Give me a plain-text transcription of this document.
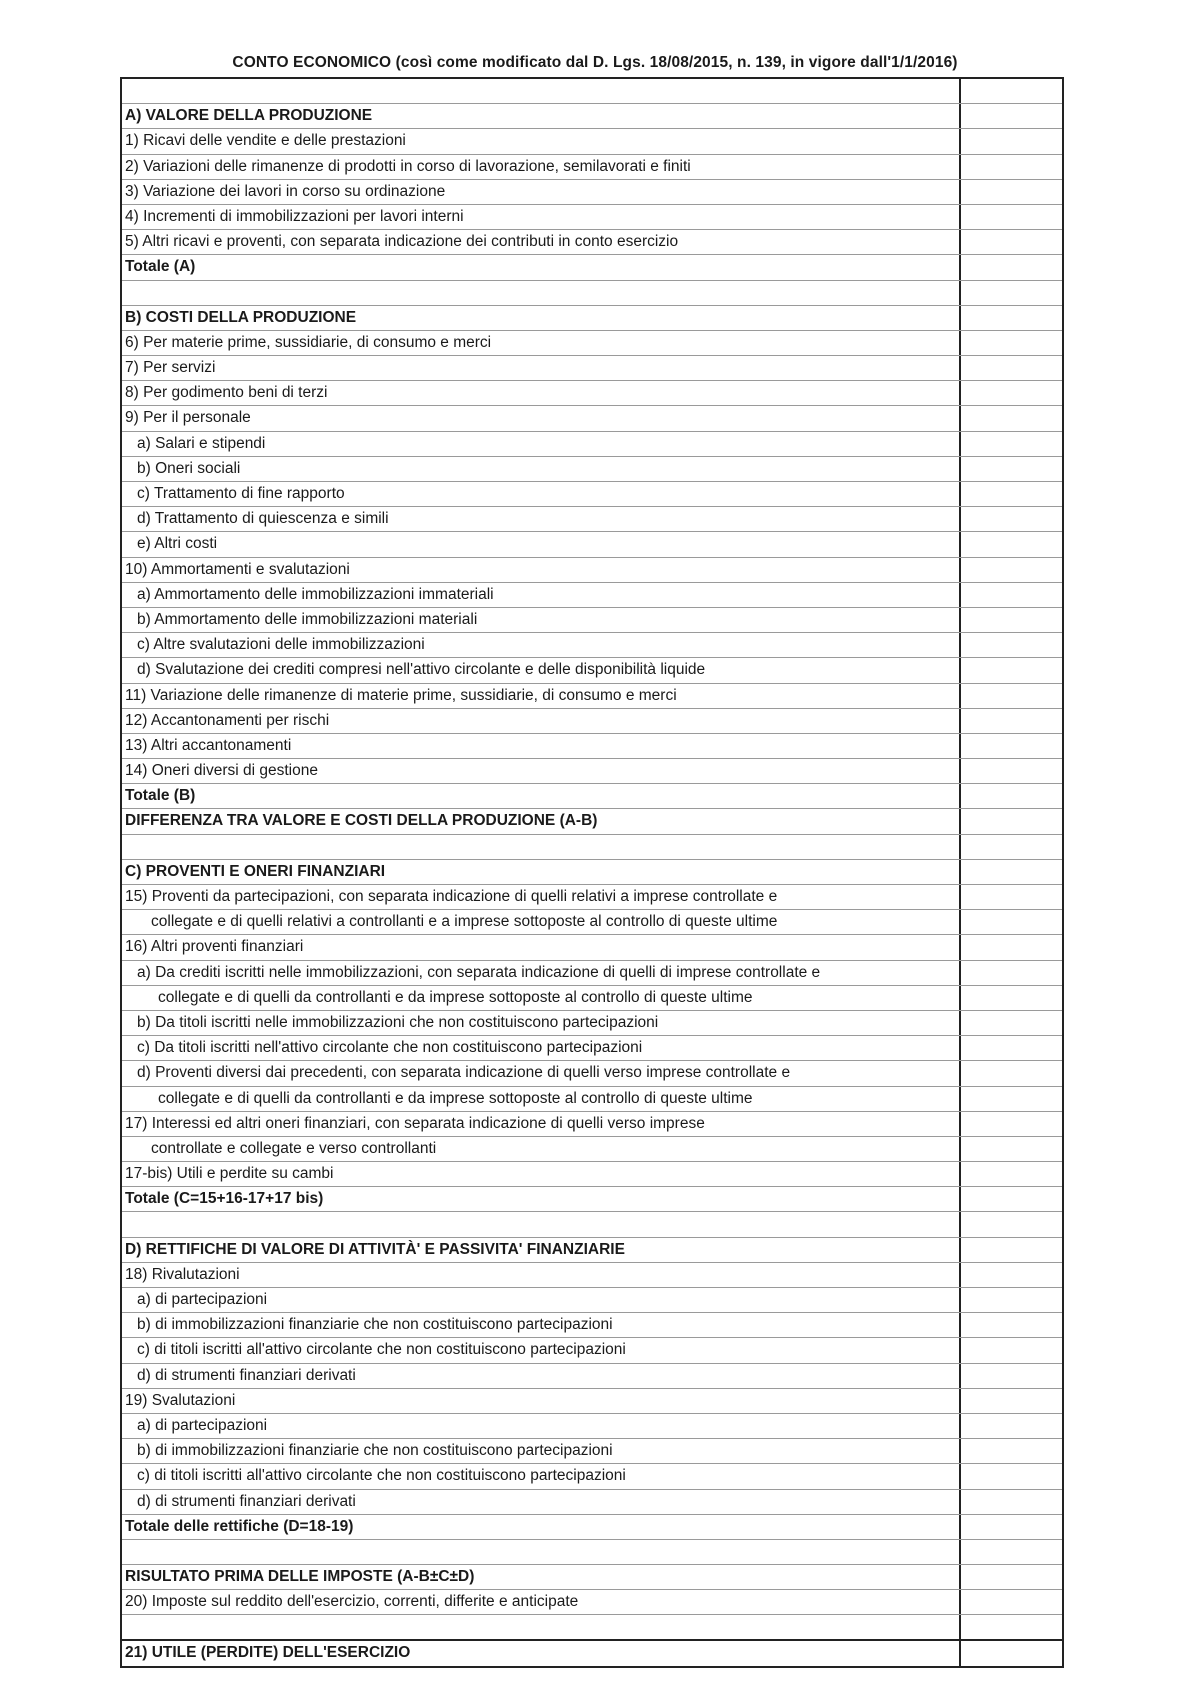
CONTO ECONOMICO (così come modificato dal D. Lgs. 18/08/2015, n. 139, in vigore dall'1/1/2016)
A) VALORE DELLA PRODUZIONE
1) Ricavi delle vendite e delle prestazioni
2) Variazioni delle rimanenze di prodotti in corso di lavorazione, semilavorati e finiti
3) Variazione dei lavori in corso su ordinazione
4) Incrementi di immobilizzazioni per lavori interni
5) Altri ricavi e proventi, con separata indicazione dei contributi in conto esercizio
Totale (A)
B) COSTI DELLA PRODUZIONE
6) Per materie prime, sussidiarie, di consumo e merci
7) Per servizi
8) Per godimento beni di terzi
9) Per il personale
a) Salari e stipendi
b) Oneri sociali
c) Trattamento di fine rapporto
d) Trattamento di quiescenza e simili
e) Altri costi
10) Ammortamenti e svalutazioni
a) Ammortamento delle immobilizzazioni immateriali
b) Ammortamento delle immobilizzazioni materiali
c) Altre svalutazioni delle immobilizzazioni
d) Svalutazione dei crediti compresi nell'attivo circolante e delle disponibilità liquide
11) Variazione delle rimanenze di materie prime, sussidiarie, di consumo e merci
12) Accantonamenti per rischi
13) Altri accantonamenti
14) Oneri diversi di gestione
Totale (B)
DIFFERENZA TRA VALORE E COSTI DELLA PRODUZIONE (A-B)
C) PROVENTI E ONERI FINANZIARI
15) Proventi da partecipazioni, con separata indicazione di quelli relativi a imprese controllate e
collegate e di quelli relativi a controllanti e a imprese sottoposte al controllo di queste ultime
16) Altri proventi finanziari
a) Da crediti iscritti nelle immobilizzazioni, con separata indicazione di quelli di imprese controllate e
collegate e di quelli da controllanti e da imprese sottoposte al controllo di queste ultime
b) Da titoli iscritti nelle immobilizzazioni che non costituiscono partecipazioni
c) Da titoli iscritti nell'attivo circolante che non costituiscono partecipazioni
d) Proventi diversi dai precedenti, con separata indicazione di quelli verso imprese controllate e
collegate e di quelli da controllanti e da imprese sottoposte al controllo di queste ultime
17) Interessi ed altri oneri finanziari, con separata indicazione di quelli verso imprese
controllate e collegate e verso controllanti
17-bis) Utili e perdite su cambi
Totale (C=15+16-17+17 bis)
D) RETTIFICHE DI VALORE DI ATTIVITÀ' E PASSIVITA' FINANZIARIE
18) Rivalutazioni
a) di partecipazioni
b) di immobilizzazioni finanziarie che non costituiscono partecipazioni
c) di titoli iscritti all'attivo circolante che non costituiscono partecipazioni
d) di strumenti finanziari derivati
19) Svalutazioni
a) di partecipazioni
b) di immobilizzazioni finanziarie che non costituiscono partecipazioni
c) di titoli iscritti all'attivo circolante che non costituiscono partecipazioni
d) di strumenti finanziari derivati
Totale delle rettifiche (D=18-19)
RISULTATO PRIMA DELLE IMPOSTE (A-B±C±D)
20) Imposte sul reddito dell'esercizio, correnti, differite e anticipate
21) UTILE (PERDITE) DELL'ESERCIZIO
